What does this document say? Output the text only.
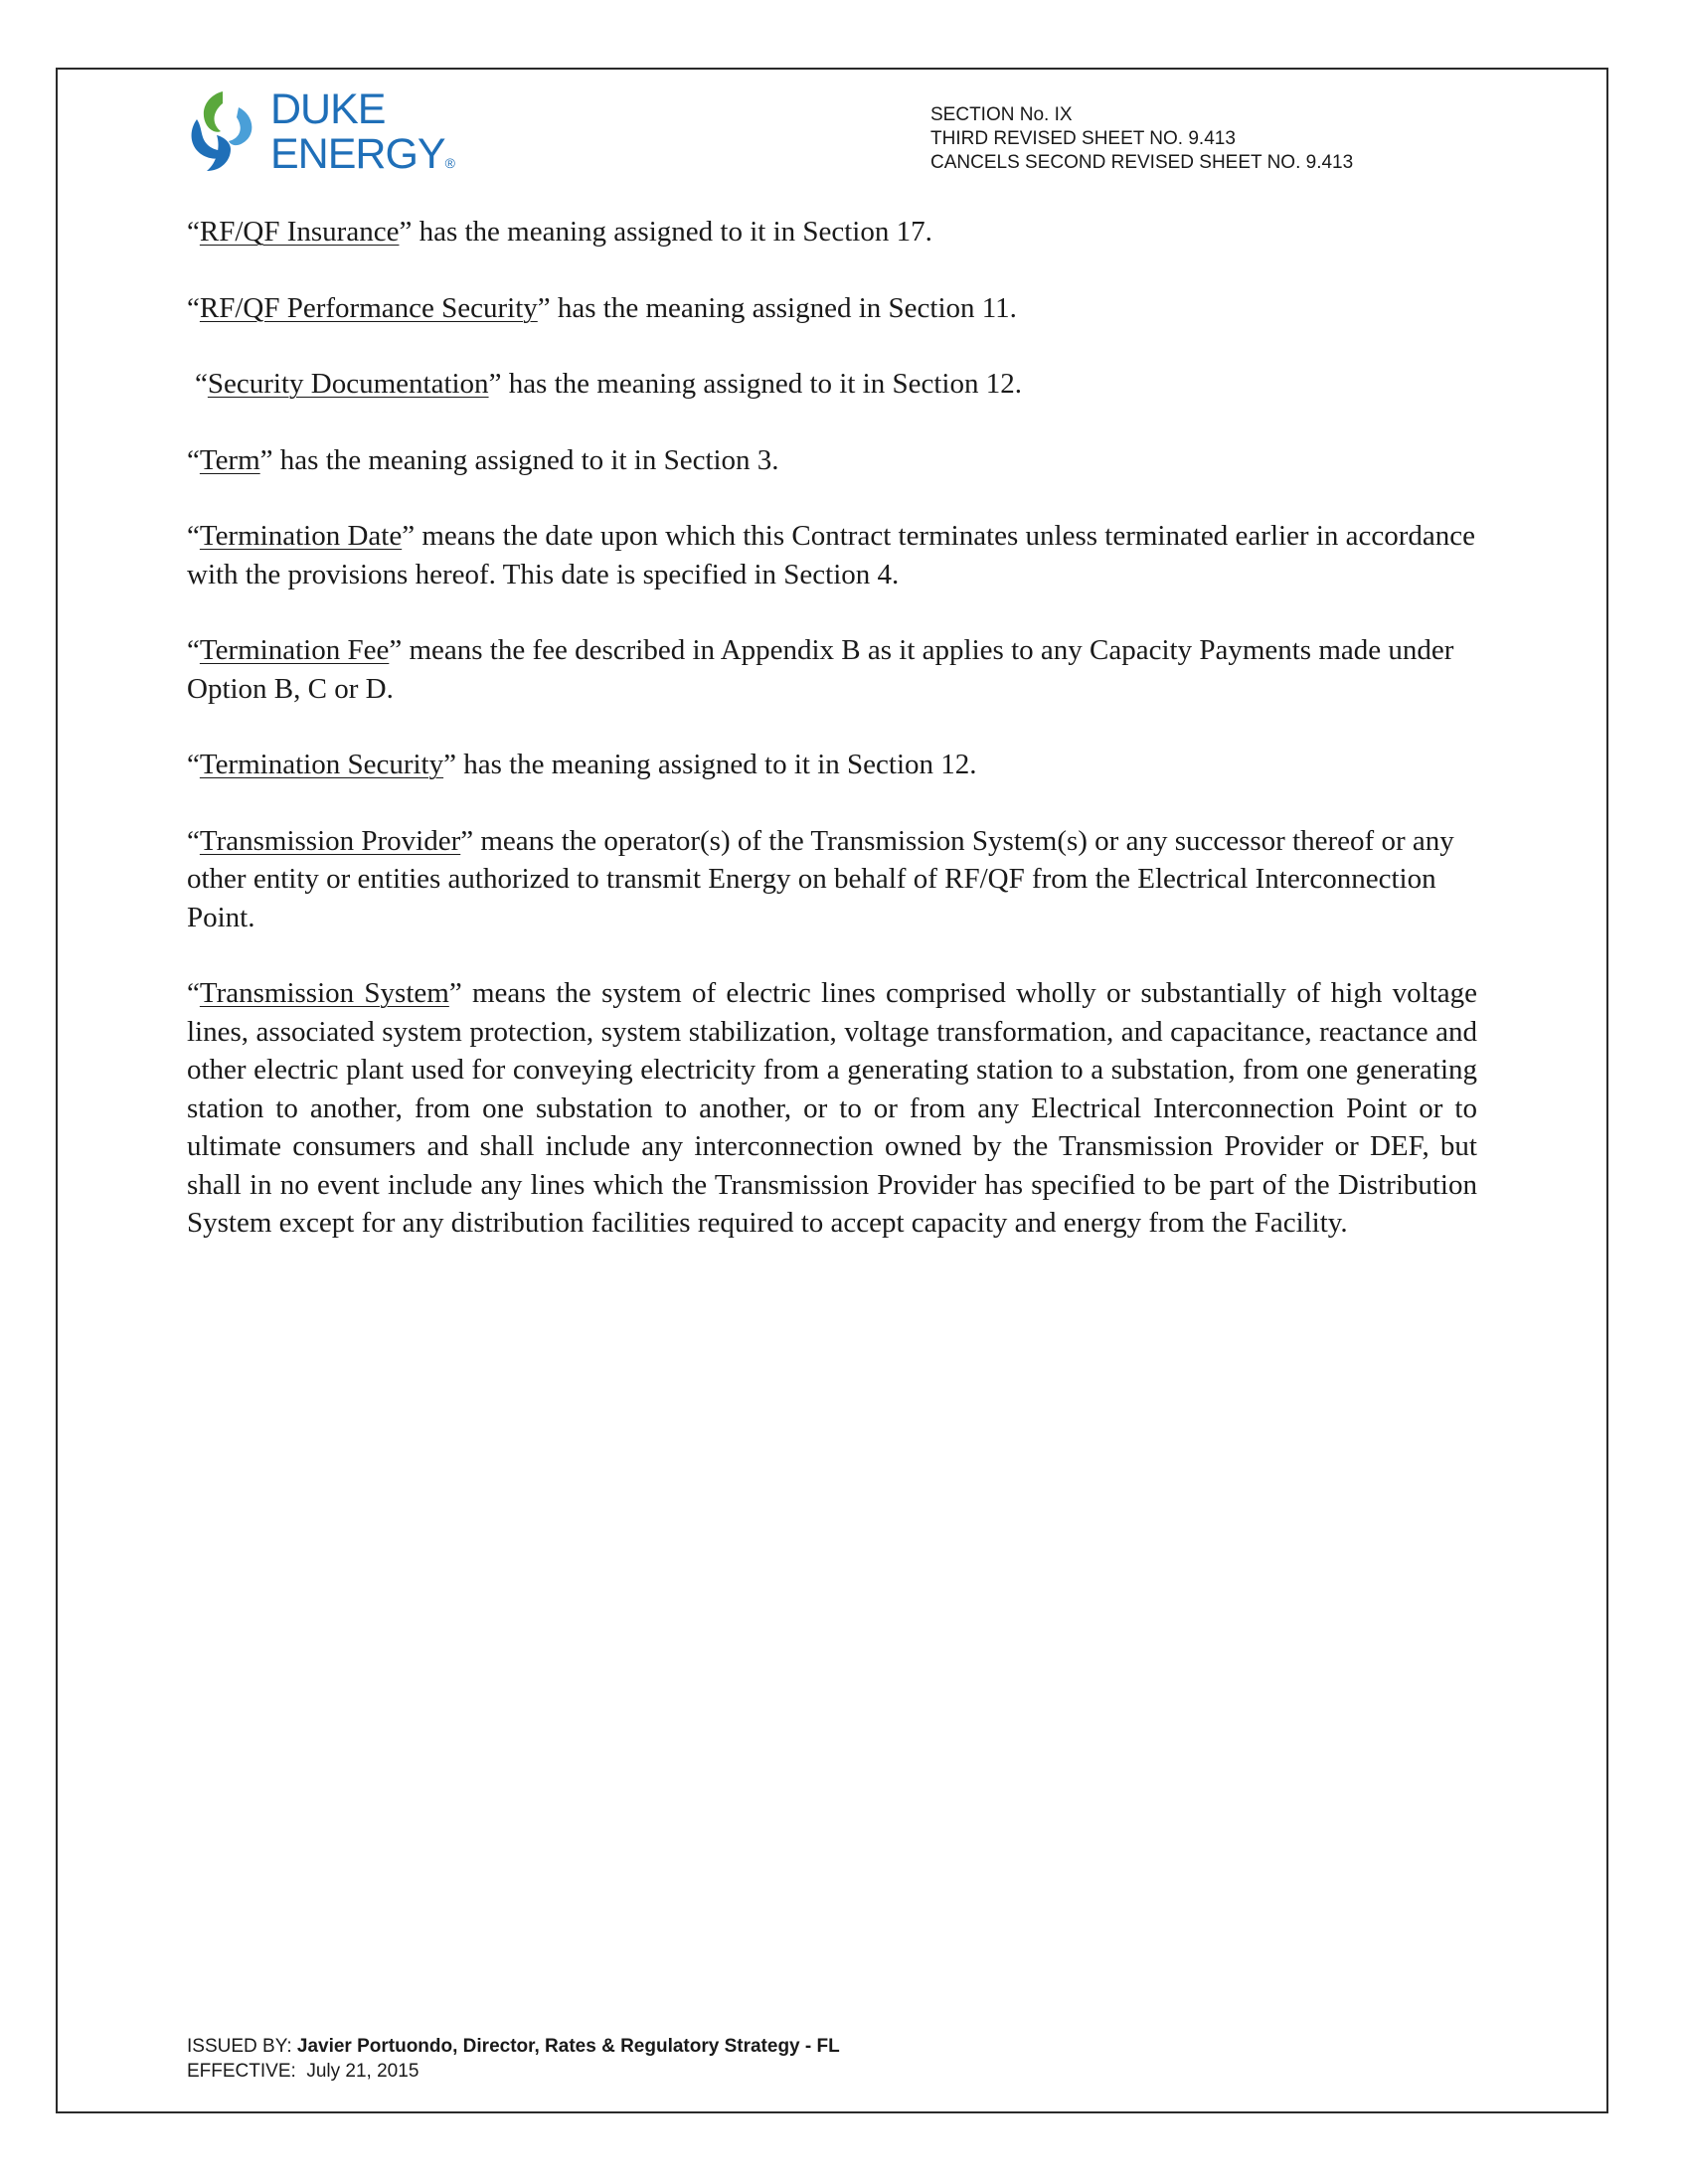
DUKE
ENERGY®
SECTION No. IX
THIRD REVISED SHEET NO. 9.413
CANCELS SECOND REVISED SHEET NO. 9.413

“RF/QF Insurance” has the meaning assigned to it in Section 17.

“RF/QF Performance Security” has the meaning assigned in Section 11.

“Security Documentation” has the meaning assigned to it in Section 12.

“Term” has the meaning assigned to it in Section 3.

“Termination Date” means the date upon which this Contract terminates unless terminated earlier in accordance with the provisions hereof. This date is specified in Section 4.

“Termination Fee” means the fee described in Appendix B as it applies to any Capacity Payments made under Option B, C or D.

“Termination Security” has the meaning assigned to it in Section 12.

“Transmission Provider” means the operator(s) of the Transmission System(s) or any successor thereof or any other entity or entities authorized to transmit Energy on behalf of RF/QF from the Electrical Interconnection Point.

“Transmission System” means the system of electric lines comprised wholly or substantially of high voltage lines, associated system protection, system stabilization, voltage transformation, and capacitance, reactance and other electric plant used for conveying electricity from a generating station to a substation, from one generating station to another, from one substation to another, or to or from any Electrical Interconnection Point or to ultimate consumers and shall include any interconnection owned by the Transmission Provider or DEF, but shall in no event include any lines which the Transmission Provider has specified to be part of the Distribution System except for any distribution facilities required to accept capacity and energy from the Facility.

ISSUED BY: Javier Portuondo, Director, Rates & Regulatory Strategy - FL
EFFECTIVE:  July 21, 2015
